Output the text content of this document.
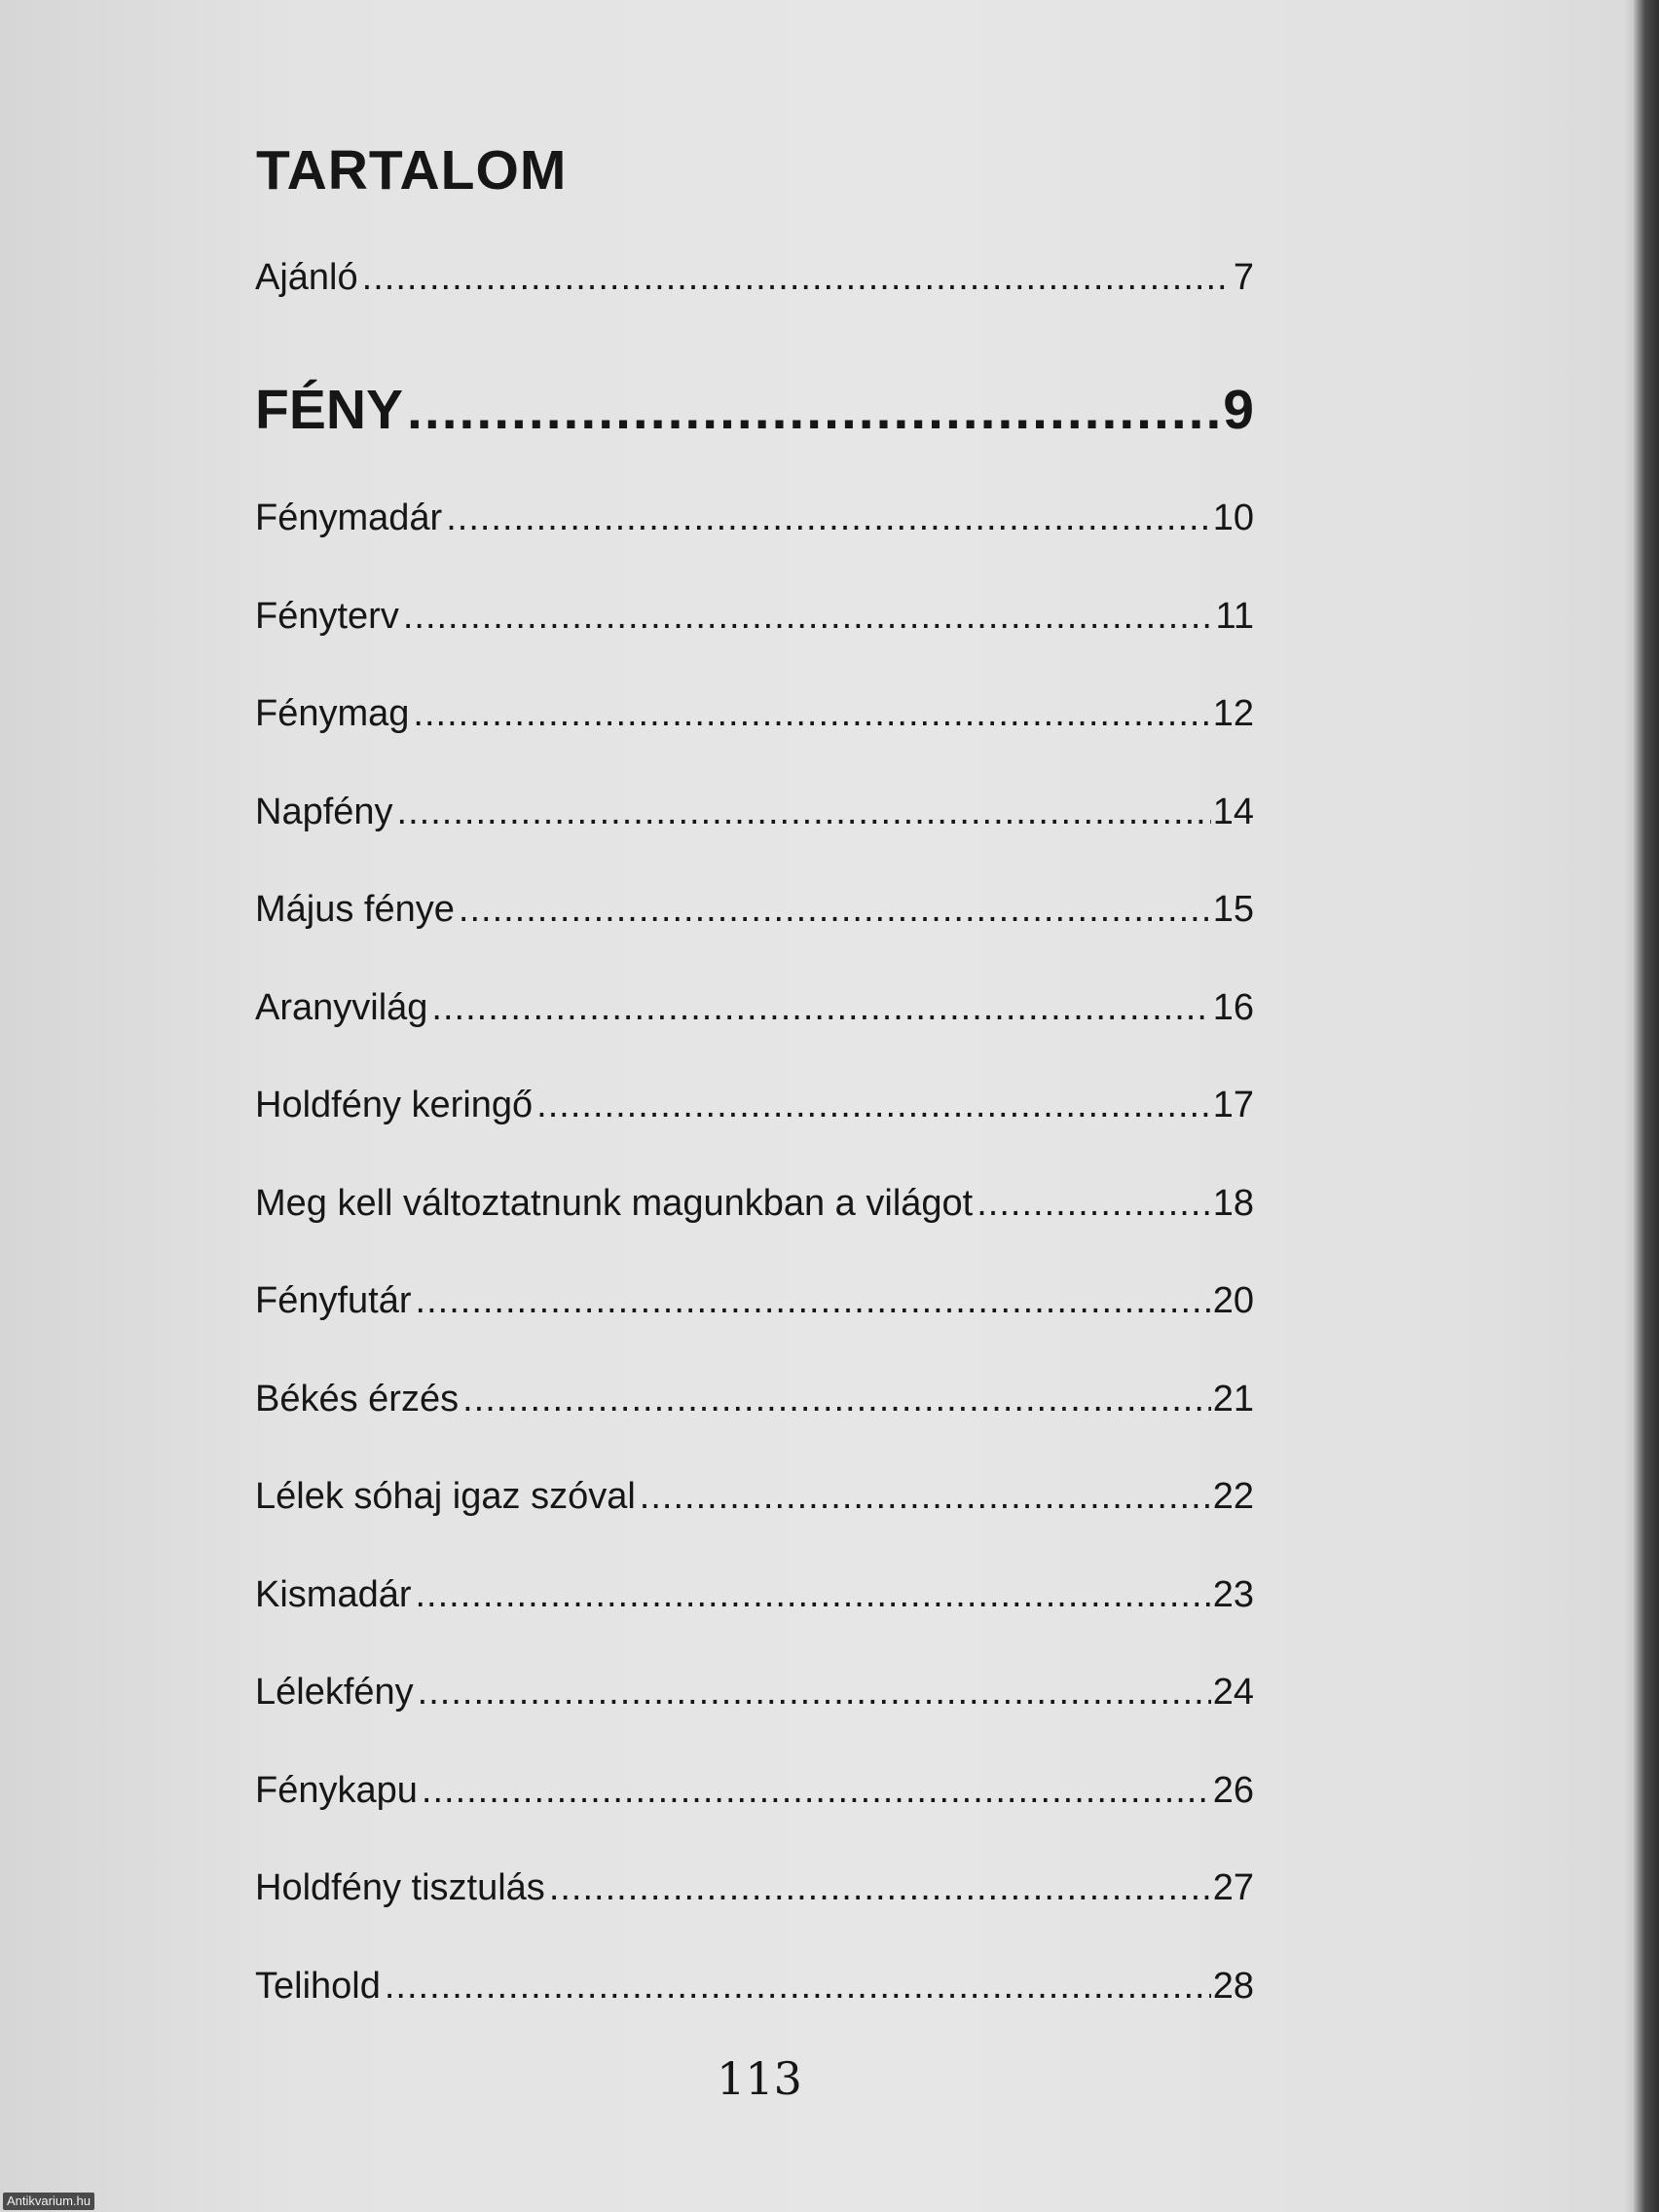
TARTALOM
Ajánló .....	7
FÉNY .....	9
Fénymadár .....	10
Fényterv .....	11
Fénymag .....	12
Napfény .....	14
Május fénye .....	15
Aranyvilág .....	16
Holdfény keringő .....	17
Meg kell változtatnunk magunkban a világot .....	18
Fényfutár .....	20
Békés érzés .....	21
Lélek sóhaj igaz szóval .....	22
Kismadár .....	23
Lélekfény .....	24
Fénykapu .....	26
Holdfény tisztulás .....	27
Telihold .....	28
113
Antikvarium.hu
